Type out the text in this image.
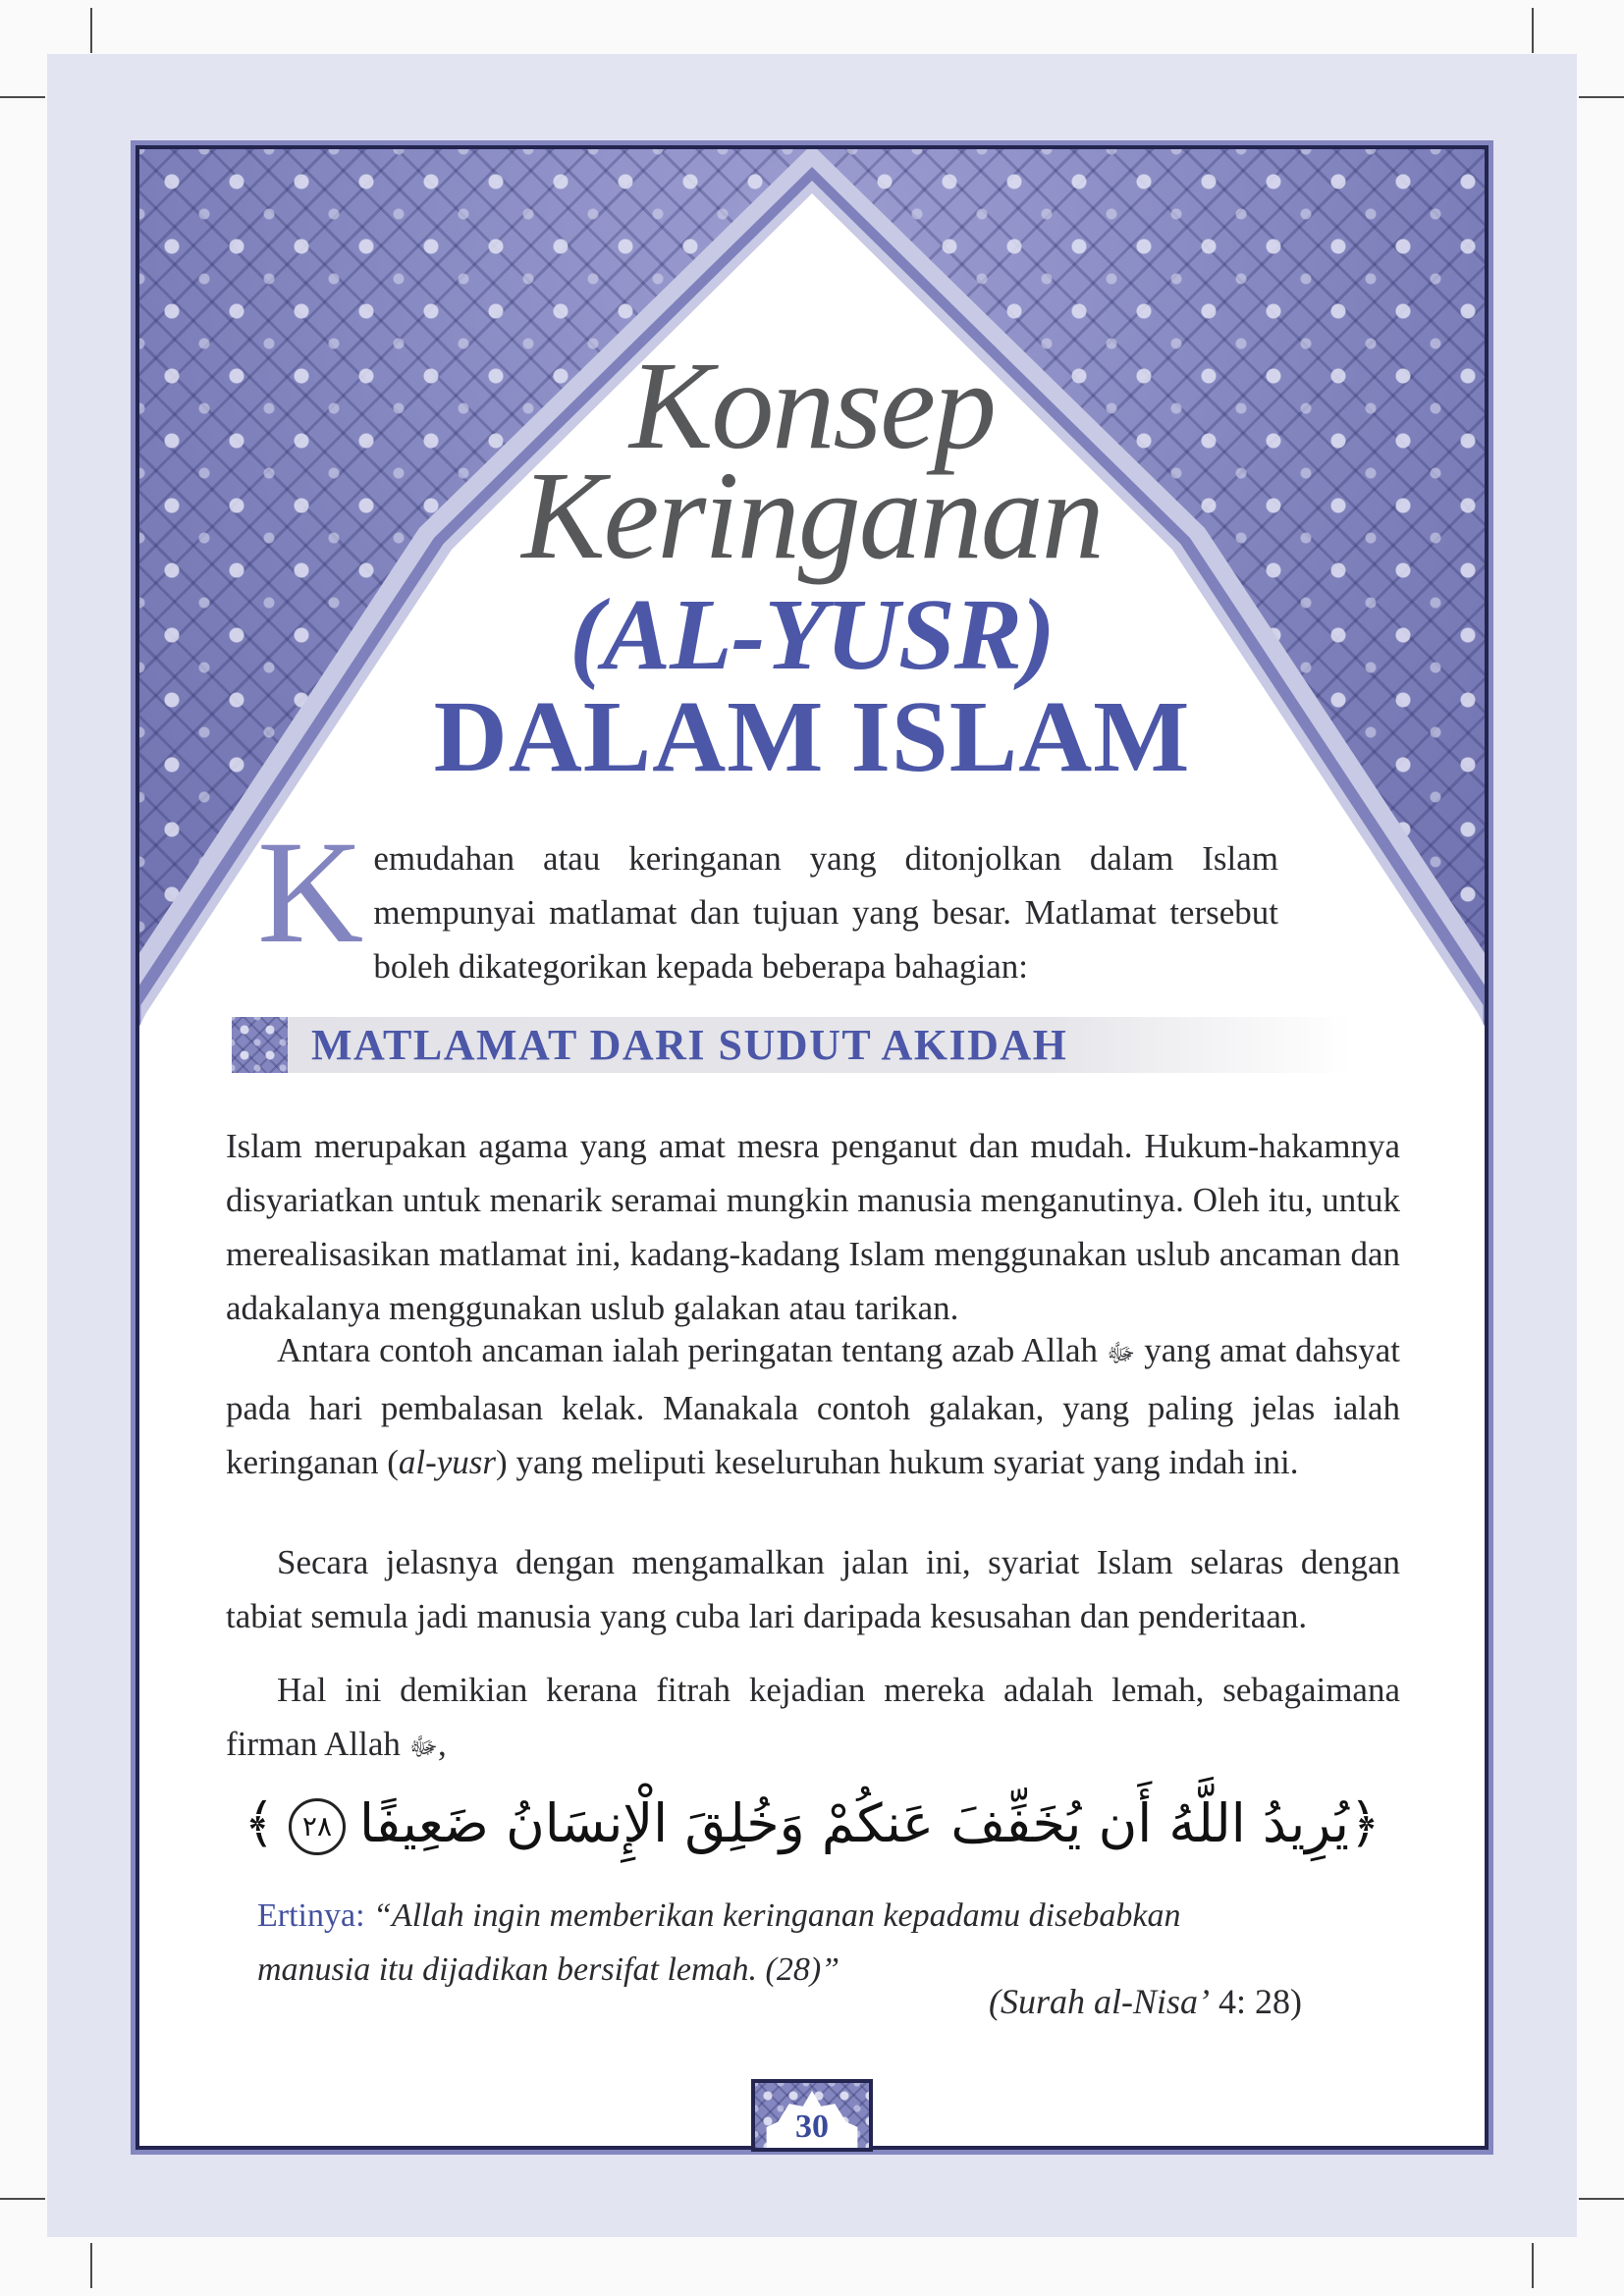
Konsep
Keringanan
(AL-YUSR)
DALAM ISLAM
Kemudahan atau keringanan yang ditonjolkan dalam Islam mempunyai matlamat dan tujuan yang besar. Matlamat tersebut boleh dikategorikan kepada beberapa bahagian:
MATLAMAT DARI SUDUT AKIDAH
Islam merupakan agama yang amat mesra penganut dan mudah. Hukum-hakamnya disyariatkan untuk menarik seramai mungkin manusia menganutinya. Oleh itu, untuk merealisasikan matlamat ini, kadang-kadang Islam menggunakan uslub ancaman dan adakalanya menggunakan uslub galakan atau tarikan.
Antara contoh ancaman ialah peringatan tentang azab Allah ﷻ yang amat dahsyat pada hari pembalasan kelak. Manakala contoh galakan, yang paling jelas ialah keringanan (al-yusr) yang meliputi keseluruhan hukum syariat yang indah ini.
Secara jelasnya dengan mengamalkan jalan ini, syariat Islam selaras dengan tabiat semula jadi manusia yang cuba lari daripada kesusahan dan penderitaan.
Hal ini demikian kerana fitrah kejadian mereka adalah lemah, sebagaimana firman Allah ﷻ,
﴿يُرِيدُ اللَّهُ أَن يُخَفِّفَ عَنكُمْ وَخُلِقَ الْإِنسَانُ ضَعِيفًا٢٨﴾
Ertinya: “Allah ingin memberikan keringanan kepadamu disebabkan manusia itu dijadikan bersifat lemah. (28)”
(Surah al-Nisa’ 4: 28)
30
